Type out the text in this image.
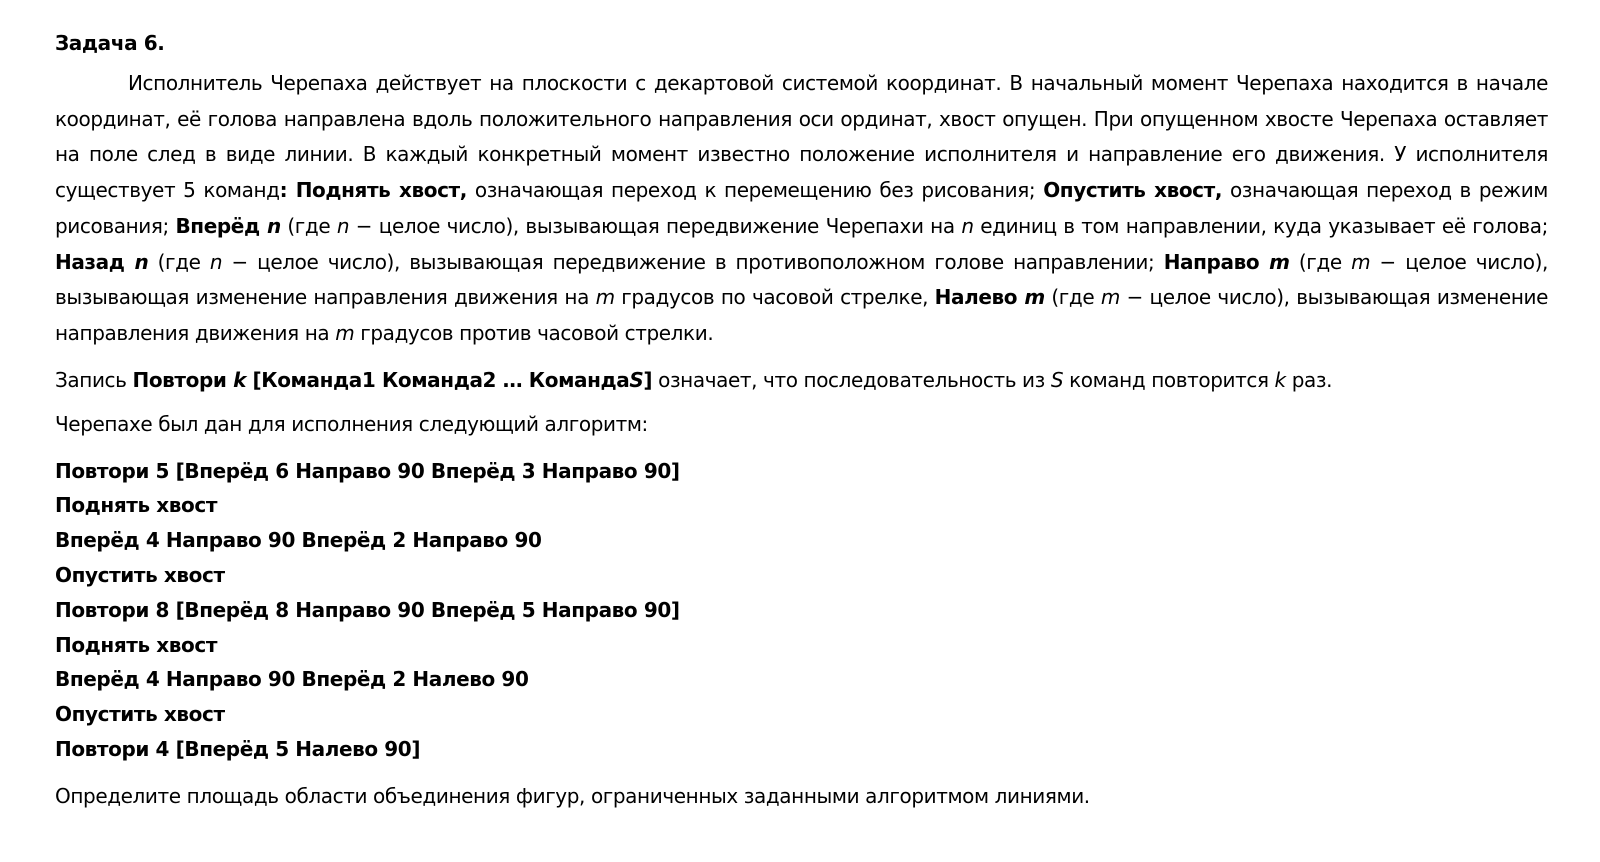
Задача 6.

Исполнитель Черепаха действует на плоскости с декартовой системой координат. В начальный момент Черепаха находится в начале координат, её голова направлена вдоль положительного направления оси ординат, хвост опущен. При опущенном хвосте Черепаха оставляет на поле след в виде линии. В каждый конкретный момент известно положение исполнителя и направление его движения. У исполнителя существует 5 команд: Поднять хвост, означающая переход к перемещению без рисования; Опустить хвост, означающая переход в режим рисования; Вперёд n (где n − целое число), вызывающая передвижение Черепахи на n единиц в том направлении, куда указывает её голова; Назад n (где n − целое число), вызывающая передвижение в противоположном голове направлении; Направо m (где m − целое число), вызывающая изменение направления движения на m градусов по часовой стрелке, Налево m (где m − целое число), вызывающая изменение направления движения на m градусов против часовой стрелки.

Запись Повтори k [Команда1 Команда2 … КомандаS] означает, что последовательность из S команд повторится k раз.

Черепахе был дан для исполнения следующий алгоритм:

Повтори 5 [Вперёд 6 Направо 90 Вперёд 3 Направо 90]

Поднять хвост

Вперёд 4 Направо 90 Вперёд 2 Направо 90

Опустить хвост

Повтори 8 [Вперёд 8 Направо 90 Вперёд 5 Направо 90]

Поднять хвост

Вперёд 4 Направо 90 Вперёд 2 Налево 90

Опустить хвост

Повтори 4 [Вперёд 5 Налево 90]

Определите площадь области объединения фигур, ограниченных заданными алгоритмом линиями.
